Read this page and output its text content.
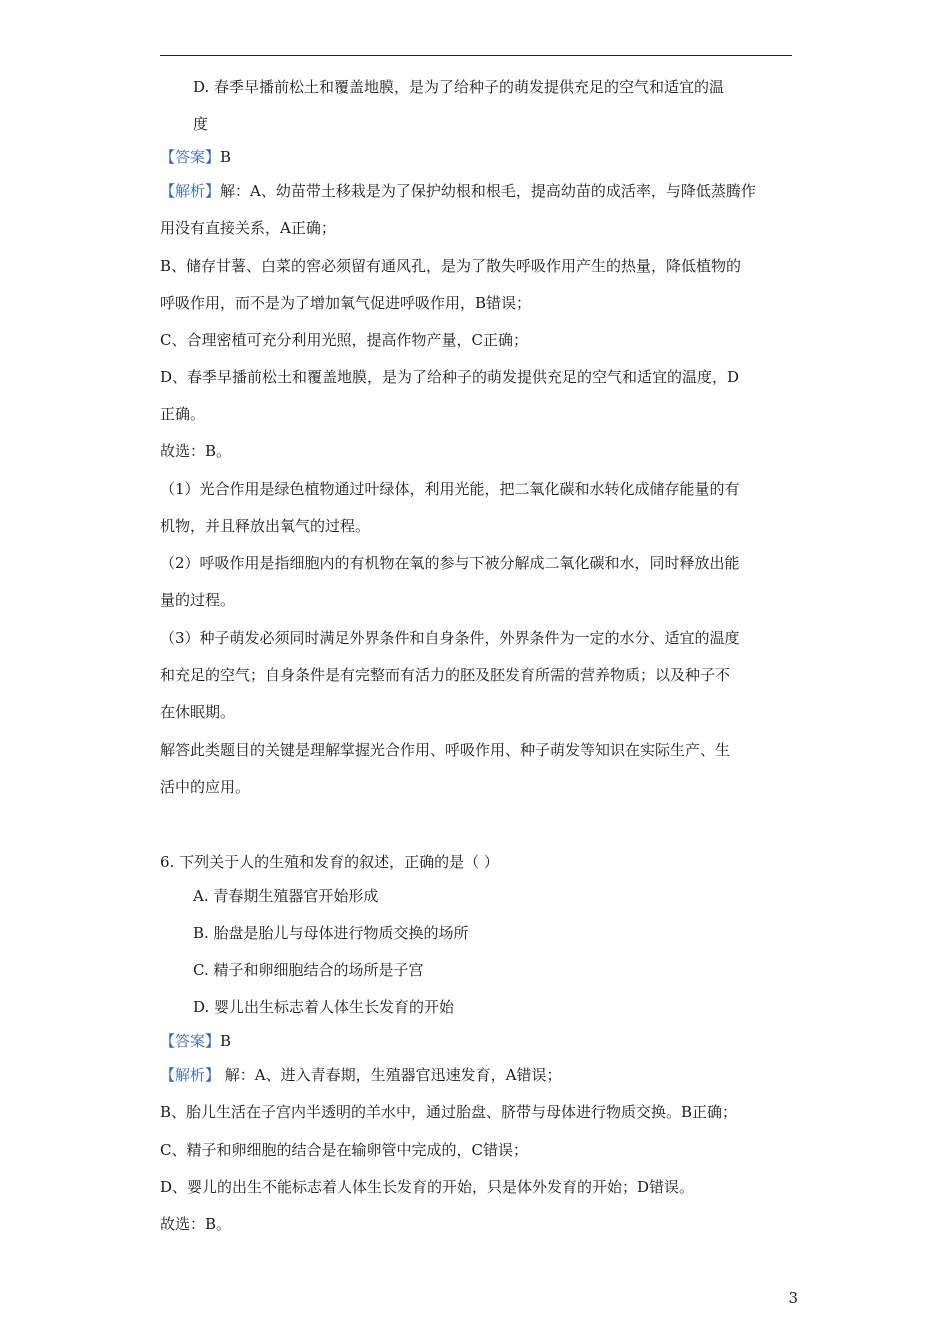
D. 春季早播前松土和覆盖地膜，是为了给种子的萌发提供充足的空气和适宜的温
度
【答案】B
【解析】解：A、幼苗带土移栽是为了保护幼根和根毛，提高幼苗的成活率，与降低蒸腾作
用没有直接关系，A正确；
B、储存甘薯、白菜的窖必须留有通风孔，是为了散失呼吸作用产生的热量，降低植物的
呼吸作用，而不是为了增加氧气促进呼吸作用，B错误；
C、合理密植可充分利用光照，提高作物产量，C正确；
D、春季早播前松土和覆盖地膜，是为了给种子的萌发提供充足的空气和适宜的温度，D
正确。
故选：B。
（1）光合作用是绿色植物通过叶绿体，利用光能，把二氧化碳和水转化成储存能量的有
机物，并且释放出氧气的过程。
（2）呼吸作用是指细胞内的有机物在氧的参与下被分解成二氧化碳和水，同时释放出能
量的过程。
（3）种子萌发必须同时满足外界条件和自身条件，外界条件为一定的水分、适宜的温度
和充足的空气；自身条件是有完整而有活力的胚及胚发育所需的营养物质；以及种子不
在休眠期。
解答此类题目的关键是理解掌握光合作用、呼吸作用、种子萌发等知识在实际生产、生
活中的应用。
6. 下列关于人的生殖和发育的叙述，正确的是（ ）
A. 青春期生殖器官开始形成
B. 胎盘是胎儿与母体进行物质交换的场所
C. 精子和卵细胞结合的场所是子宫
D. 婴儿出生标志着人体生长发育的开始
【答案】B
【解析】 解：A、进入青春期，生殖器官迅速发育，A错误；
B、胎儿生活在子宫内半透明的羊水中，通过胎盘、脐带与母体进行物质交换。B正确；
C、精子和卵细胞的结合是在输卵管中完成的，C错误；
D、婴儿的出生不能标志着人体生长发育的开始，只是体外发育的开始；D错误。
故选：B。
3
